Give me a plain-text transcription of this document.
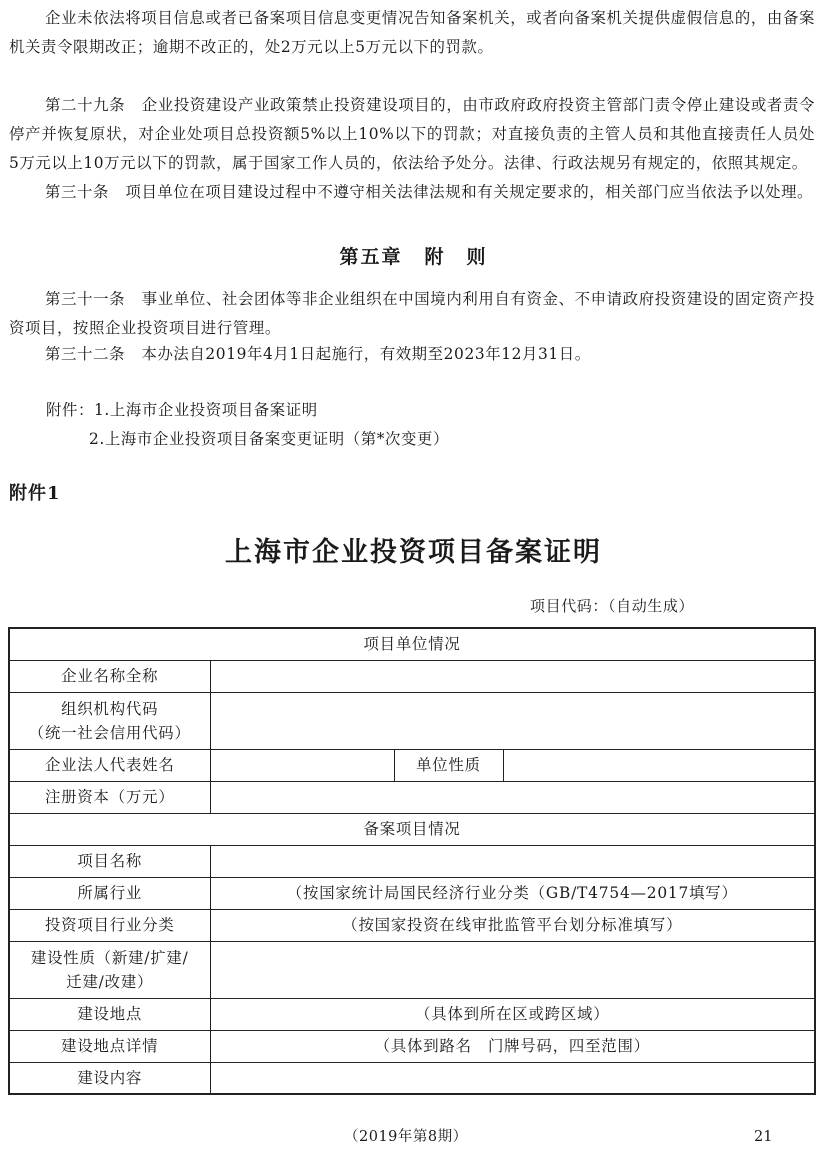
企业未依法将项目信息或者已备案项目信息变更情况告知备案机关，或者向备案机关提供虚假信息的，由备案机关责令限期改正；逾期不改正的，处2万元以上5万元以下的罚款。

第二十九条 企业投资建设产业政策禁止投资建设项目的，由市政府政府投资主管部门责令停止建设或者责令停产并恢复原状，对企业处项目总投资额5%以上10%以下的罚款；对直接负责的主管人员和其他直接责任人员处5万元以上10万元以下的罚款，属于国家工作人员的，依法给予处分。法律、行政法规另有规定的，依照其规定。

第三十条 项目单位在项目建设过程中不遵守相关法律法规和有关规定要求的，相关部门应当依法予以处理。

第五章 附　则

第三十一条 事业单位、社会团体等非企业组织在中国境内利用自有资金、不申请政府投资建设的固定资产投资项目，按照企业投资项目进行管理。

第三十二条 本办法自2019年4月1日起施行，有效期至2023年12月31日。

附件：1.上海市企业投资项目备案证明
2.上海市企业投资项目备案变更证明（第*次变更）
附件1
上海市企业投资项目备案证明
项目代码：（自动生成）
项目单位情况			
企业名称全称			

组织机构代码
（统一社会信用代码）			

企业法人代表姓名		单位性质	
注册资本（万元）			
备案项目情况			
项目名称			
所属行业	（按国家统计局国民经济行业分类（GB/T4754—2017填写）		
投资项目行业分类	（按国家投资在线审批监管平台划分标准填写）		

建设性质（新建/扩建/
迁建/改建）			

建设地点	（具体到所在区或跨区域）		
建设地点详情	（具体到路名　门牌号码，四至范围）		
建设内容			
（2019年第8期）	21
